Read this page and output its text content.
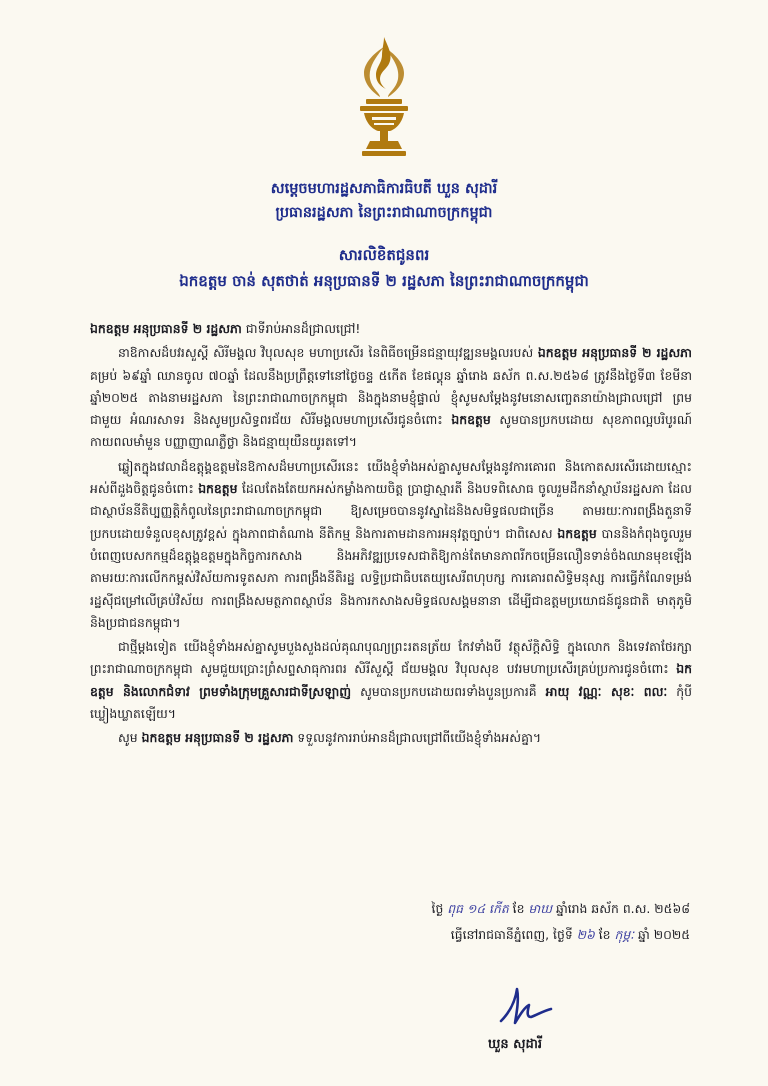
សម្តេចមហារដ្ឋសភាធិការធិបតី ឃួន សុដារី
ប្រធានរដ្ឋសភា នៃព្រះរាជាណាចក្រកម្ពុជា
សារលិខិតជូនពរ
ឯកឧត្តម ចាន់ សុតថាត់ អនុប្រធានទី ២ រដ្ឋសភា នៃព្រះរាជាណាចក្រកម្ពុជា

ឯកឧត្តម អនុប្រធានទី ២ រដ្ឋសភា ជាទីរាប់អានដ៏ជ្រាលជ្រៅ!

នាឱកាសដ៏បវរសួស្តី សិរីមង្គល វិបុលសុខ មហាប្រសើរ នៃពិធីចម្រើនជន្មាយុវឌ្ឍនមង្គលរបស់ ឯកឧត្តម អនុប្រធានទី ២ រដ្ឋសភា គម្រប់ ៦៩ឆ្នាំ ឈានចូល ៧០ឆ្នាំ ដែលនឹងប្រព្រឹត្តទៅនៅថ្ងៃចន្ទ ៥កើត ខែផល្គុន ឆ្នាំរោង ឆស័ក ព.ស.២៥៦៨ ត្រូវនឹងថ្ងៃទី៣ ខែមីនា ឆ្នាំ២០២៥ តាងនាមរដ្ឋសភា នៃព្រះរាជាណាចក្រកម្ពុជា និងក្នុងនាមខ្ញុំផ្ទាល់ ខ្ញុំសូមសម្តែងនូវមនោសញ្ចេតនាយ៉ាងជ្រាលជ្រៅ ព្រមជាមួយ អំណរសាទរ និងសូមប្រសិទ្ធពរជ័យ សិរីមង្គលមហាប្រសើរជូនចំពោះ ឯកឧត្តម សូមបានប្រកបដោយ សុខភាពល្អបរិបូរណ៍ កាយពលមាំមួន បញ្ញាញាណភ្លឺថ្លា និងជន្មាយុយឺនយូរតទៅ។

ឆ្លៀតក្នុងវេលាដ៏ឧត្តុង្គឧត្តមនៃឱកាសដ៏មហាប្រសើរនេះ យើងខ្ញុំទាំងអស់គ្នាសូមសម្តែងនូវការគោរព និងកោតសរសើរដោយស្មោះអស់ពីដួងចិត្តជូនចំពោះ ឯកឧត្តម ដែលតែងតែយកអស់កម្លាំងកាយចិត្ត ប្រាជ្ញាស្មារតី និងបទពិសោធ ចូលរួមដឹកនាំស្ថាប័នរដ្ឋសភា ដែលជាស្ថាប័ននីតិប្បញ្ញត្តិកំពូលនៃព្រះរាជាណាចក្រកម្ពុជា ឱ្យសម្រេចបាននូវស្នាដៃនិងសមិទ្ធផលជាច្រើន តាមរយៈការពង្រឹងតួនាទីប្រកបដោយទំនួលខុសត្រូវខ្ពស់ ក្នុងភាពជាតំណាង នីតិកម្ម និងការតាមដានការអនុវត្តច្បាប់។ ជាពិសេស ឯកឧត្តម បាននិងកំពុងចូលរួមបំពេញបេសកកម្មដ៏ឧត្តុង្គឧត្តមក្នុងកិច្ចការកសាង និងអភិវឌ្ឍប្រទេសជាតិឱ្យកាន់តែមានភាពរីកចម្រើនលឿនទាន់ចំងឈានមុខឡើង តាមរយៈការលើកកម្ពស់វិស័យការទូតសភា ការពង្រឹងនីតិរដ្ឋ លទ្ធិប្រជាធិបតេយ្យសេរីពហុបក្ស ការគោរពសិទ្ធិមនុស្ស ការធ្វើកំណែទម្រង់រដ្ឋស៊ីជម្រៅលើគ្រប់វិស័យ ការពង្រឹងសមត្ថភាពស្ថាប័ន និងការកសាងសមិទ្ធផលសង្គមនានា ដើម្បីជាឧត្តមប្រយោជន៍ជូនជាតិ មាតុភូមិ និងប្រជាជនកម្ពុជា។

ជាថ្មីម្តងទៀត យើងខ្ញុំទាំងអស់គ្នាសូមបួងសួងដល់គុណបុណ្យព្រះរតនត្រ័យ កែវទាំងបី វត្ថុស័ក្តិសិទ្ធិ ក្នុងលោក និងទេវតាថែរក្សាព្រះរាជាណាចក្រកម្ពុជា សូមជួយប្រោះព្រំសព្ទសាធុការពរ សិរីសួស្តី ជ័យមង្គល វិបុលសុខ បវរមហាប្រសើរគ្រប់ប្រការជូនចំពោះ ឯកឧត្តម និងលោកជំទាវ ព្រមទាំងក្រុមគ្រួសារជាទីស្រឡាញ់ សូមបានប្រកបដោយពរទាំងបួនប្រការគឺ អាយុ វណ្ណៈ សុខៈ ពលៈ កុំបីឃ្លៀងឃ្លាតឡើយ។

សូម ឯកឧត្តម អនុប្រធានទី ២ រដ្ឋសភា ទទួលនូវការរាប់អានដ៏ជ្រាលជ្រៅពីយើងខ្ញុំទាំងអស់គ្នា។

ថ្ងៃ ពុធ ១៤ កើត ខែ មាឃ ឆ្នាំរោង ឆស័ក ព.ស. ២៥៦៨
ធ្វើនៅរាជធានីភ្នំពេញ, ថ្ងៃទី ២៦ ខែ កុម្ភៈ ឆ្នាំ ២០២៥
ឃួន សុដារី
